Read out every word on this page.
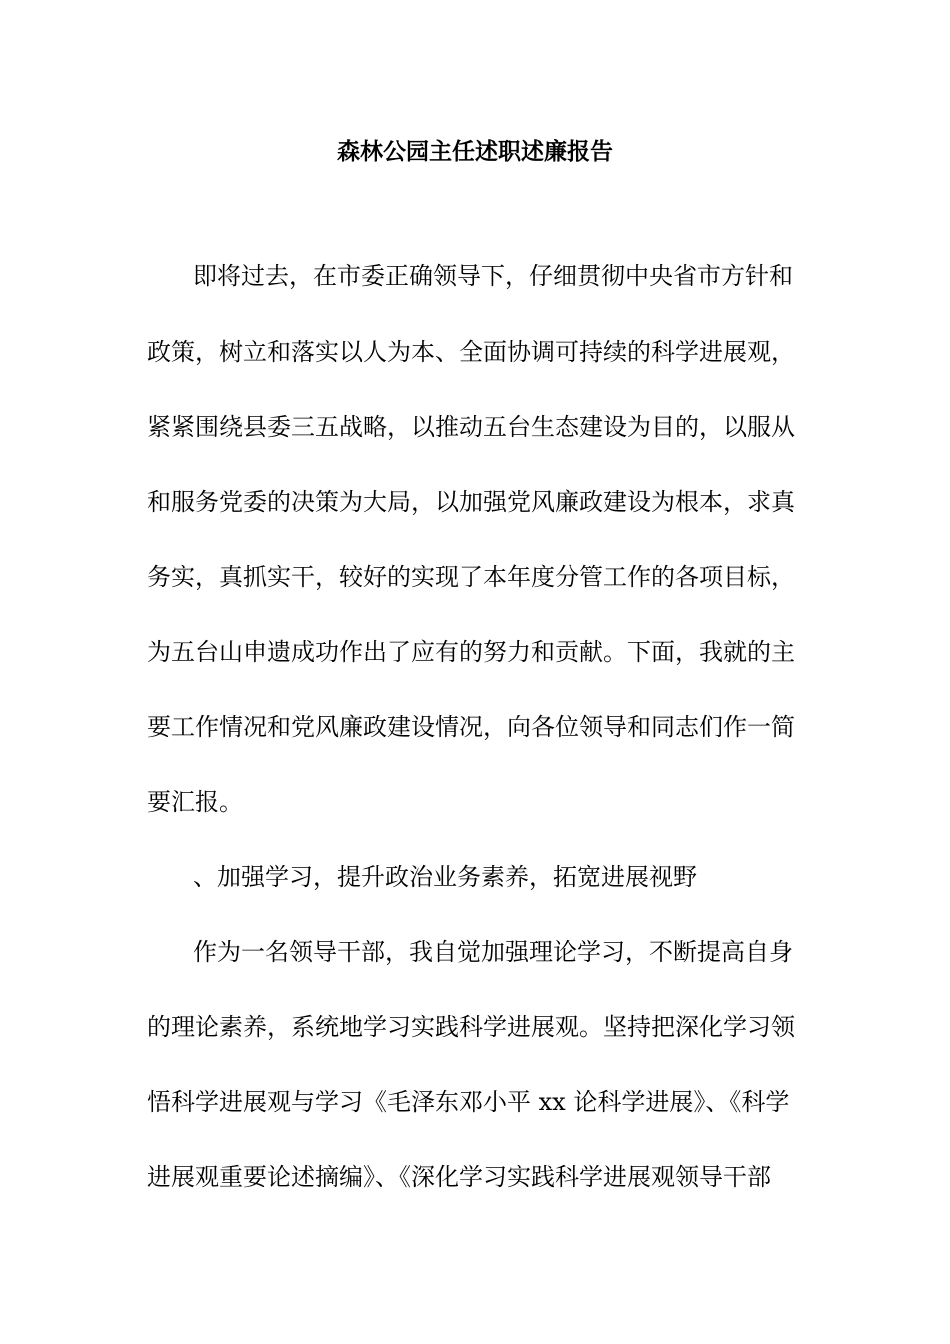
森林公园主任述职述廉报告

即将过去，在市委正确领导下，仔细贯彻中央省市方针和

政策，树立和落实以人为本、全面协调可持续的科学进展观，

紧紧围绕县委三五战略，以推动五台生态建设为目的，以服从

和服务党委的决策为大局，以加强党风廉政建设为根本，求真

务实，真抓实干，较好的实现了本年度分管工作的各项目标，

为五台山申遗成功作出了应有的努力和贡献。下面，我就的主

要工作情况和党风廉政建设情况，向各位领导和同志们作一简

要汇报。

、加强学习，提升政治业务素养，拓宽进展视野

作为一名领导干部，我自觉加强理论学习，不断提高自身

的理论素养，系统地学习实践科学进展观。坚持把深化学习领

悟科学进展观与学习《毛泽东邓小平 xx 论科学进展》、《科学

进展观重要论述摘编》、《深化学习实践科学进展观领导干部
